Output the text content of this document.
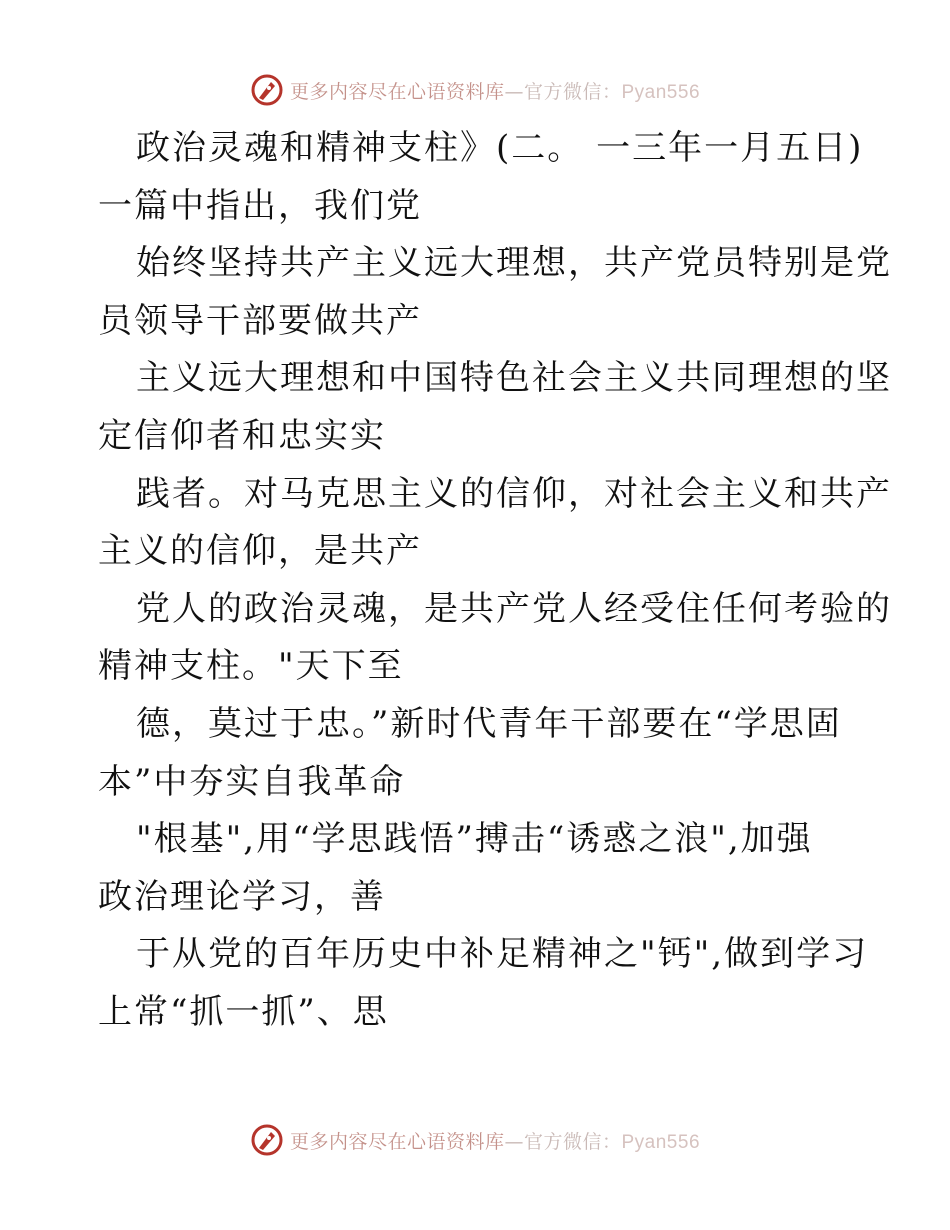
更多内容尽在心语资料库—官方微信：Pyan556
政治灵魂和精神支柱》(二。 一三年一月五日)
一篇中指出，我们党
始终坚持共产主义远大理想，共产党员特别是党
员领导干部要做共产
主义远大理想和中国特色社会主义共同理想的坚
定信仰者和忠实实
践者。对马克思主义的信仰，对社会主义和共产
主义的信仰，是共产
党人的政治灵魂，是共产党人经受住任何考验的
精神支柱。"天下至
德，莫过于忠。”新时代青年干部要在“学思固
本”中夯实自我革命
"根基",用“学思践悟”搏击“诱惑之浪",加强
政治理论学习，善
于从党的百年历史中补足精神之"钙",做到学习
上常“抓一抓”、思
更多内容尽在心语资料库—官方微信：Pyan556
